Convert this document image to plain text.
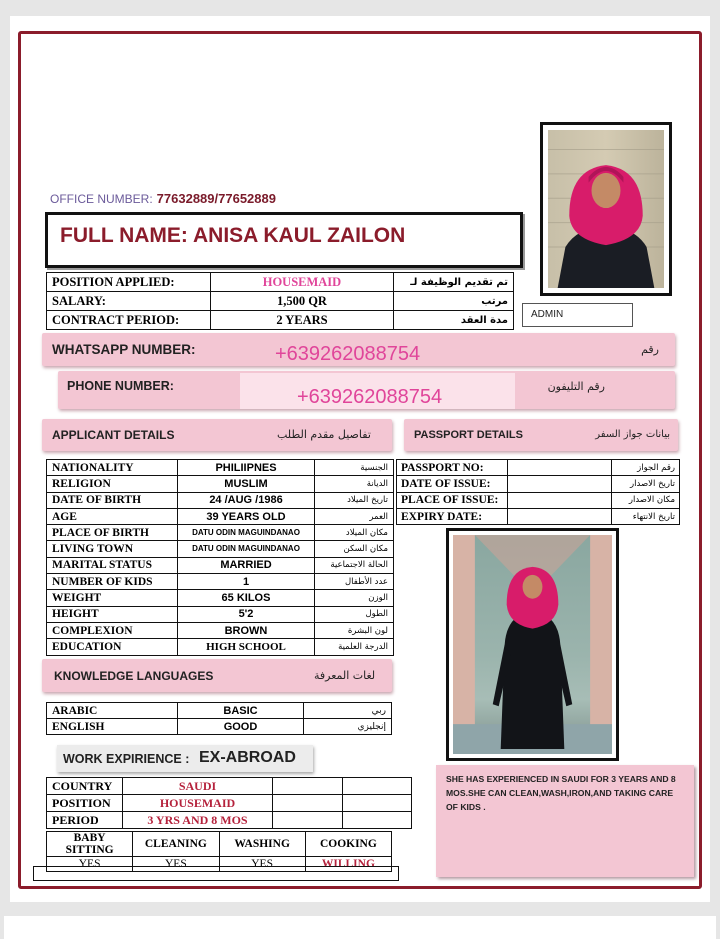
OFFICE NUMBER: 77632889/77652889
FULL NAME: ANISA KAUL ZAILON
ADMIN
POSITION APPLIED:	HOUSEMAID	تم تقديم الوظيفة لـ
SALARY:	1,500 QR	مرتب
CONTRACT PERIOD:	2 YEARS	مدة العقد
WHATSAPP NUMBER:	رقم
+639262088754
PHONE NUMBER:	رقم التليفون
+639262088754
APPLICANT DETAILS	تفاصيل مقدم الطلب	PASSPORT DETAILS	بيانات جواز السفر
NATIONALITY	PHILIIPNES	الجنسية
RELIGION	MUSLIM	الديانة
DATE OF BIRTH	24 /AUG /1986	تاريخ الميلاد
AGE	39 YEARS OLD	العمر
PLACE OF BIRTH	DATU ODIN MAGUINDANAO	مكان الميلاد
LIVING TOWN	DATU ODIN MAGUINDANAO	مكان السكن
MARITAL STATUS	MARRIED	الحالة الاجتماعية
NUMBER OF KIDS	1	عدد الأطفال
WEIGHT	65 KILOS	الوزن
HEIGHT	5'2	الطول
COMPLEXION	BROWN	لون البشرة
EDUCATION	HIGH SCHOOL	الدرجة العلمية
PASSPORT NO:		رقم الجواز
DATE OF ISSUE:		تاريخ الاصدار
PLACE OF ISSUE:		مكان الاصدار
EXPIRY DATE:		تاريخ الانتهاء
KNOWLEDGE LANGUAGES	لغات المعرفة
ARABIC	BASIC	ربي
ENGLISH	GOOD	إنجليزي
WORK EXPIRIENCE : EX-ABROAD
COUNTRY	SAUDI		
POSITION	HOUSEMAID		
PERIOD	3 YRS AND 8 MOS		
BABY SITTING	CLEANING	WASHING	COOKING
YES	YES	YES	WILLING

SHE HAS EXPERIENCED IN SAUDI FOR 3 YEARS AND 8 MOS.SHE CAN CLEAN,WASH,IRON,AND TAKING CARE OF KIDS .
